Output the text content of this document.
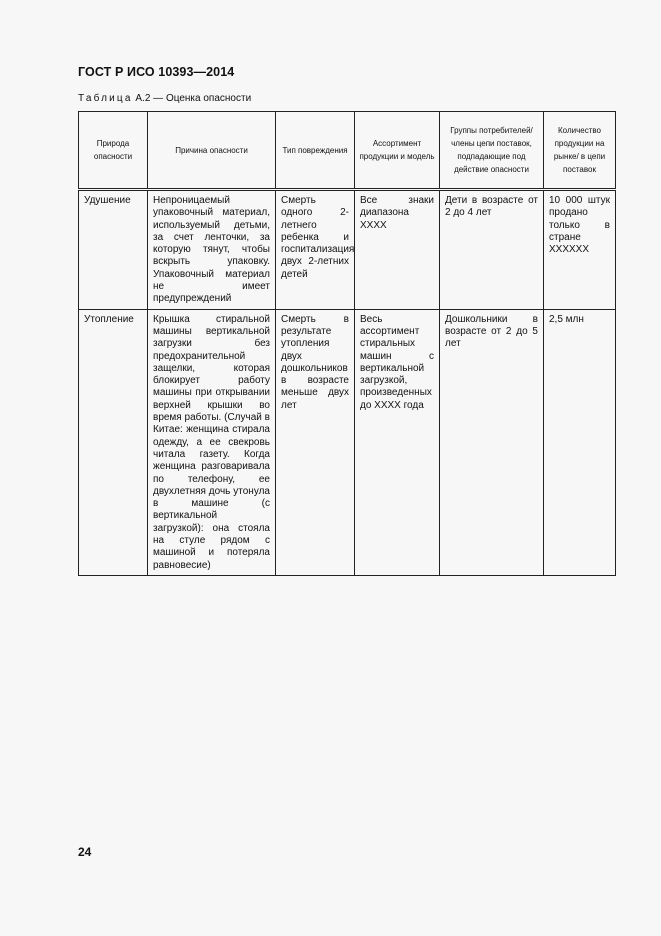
ГОСТ Р ИСО 10393—2014
Таблица А.2 — Оценка опасности
Природа опасности	Причина опасности	Тип повреждения	Ассортимент продукции и модель	Группы потребителей/ члены цепи поставок, подпадающие под действие опасности	Количество продукции на рынке/ в цепи поставок
Удушение	Непроницаемый упаковочный материал, используемый детьми, за счет ленточки, за которую тянут, чтобы вскрыть упаковку. Упаковочный материал не имеет предупреждений	Смерть одного 2-летнего ребенка и госпитализация двух 2-летних детей	Все знаки диапазона XXXX	Дети в возрасте от 2 до 4 лет	10 000 штук продано только в стране XXXXXX
Утопление	Крышка стиральной машины вертикальной загрузки без предохранительной защелки, которая блокирует работу машины при открывании верхней крышки во время работы. (Случай в Китае: женщина стирала одежду, а ее свекровь читала газету. Когда женщина разговаривала по телефону, ее двухлетняя дочь утонула в машине (с вертикальной загрузкой): она стояла на стуле рядом с машиной и потеряла равновесие)	Смерть в результате утопления двух дошкольников в возрасте меньше двух лет	Весь ассортимент стиральных машин с вертикальной загрузкой, произведенных до XXXX года	Дошкольники в возрасте от 2 до 5 лет	2,5 млн
24
